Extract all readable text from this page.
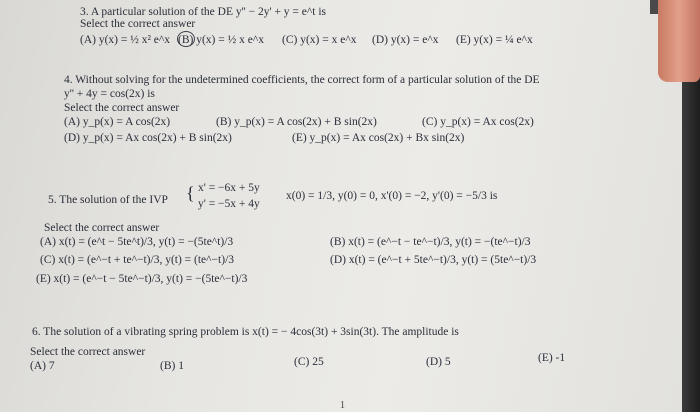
3. A particular solution of the DE y'' − 2y' + y = e^t is
Select the correct answer
(A) y(x) = ½ x² e^x (B) y(x) = ½ x e^x (C) y(x) = x e^x (D) y(x) = e^x (E) y(x) = ¼ e^x
4. Without solving for the undetermined coefficients, the correct form of a particular solution of the DE
y'' + 4y = cos(2x) is
Select the correct answer
(A) y_p(x) = A cos(2x)	(B) y_p(x) = A cos(2x) + B sin(2x)	(C) y_p(x) = Ax cos(2x)
(D) y_p(x) = Ax cos(2x) + B sin(2x)	(E) y_p(x) = Ax cos(2x) + Bx sin(2x)
5. The solution of the IVP { x' = −6x + 5y
y' = −5x + 4y
x(0) = 1/3, y(0) = 0, x'(0) = −2, y'(0) = −5/3 is
Select the correct answer
(A) x(t) = (e^t − 5te^t)/3, y(t) = −(5te^t)/3	(B) x(t) = (e^−t − te^−t)/3, y(t) = −(te^−t)/3
(C) x(t) = (e^−t + te^−t)/3, y(t) = (te^−t)/3	(D) x(t) = (e^−t + 5te^−t)/3, y(t) = (5te^−t)/3
(E) x(t) = (e^−t − 5te^−t)/3, y(t) = −(5te^−t)/3
6. The solution of a vibrating spring problem is x(t) = − 4cos(3t) + 3sin(3t). The amplitude is
Select the correct answer
(A) 7	(B) 1	(C) 25	(D) 5	(E) -1
1
